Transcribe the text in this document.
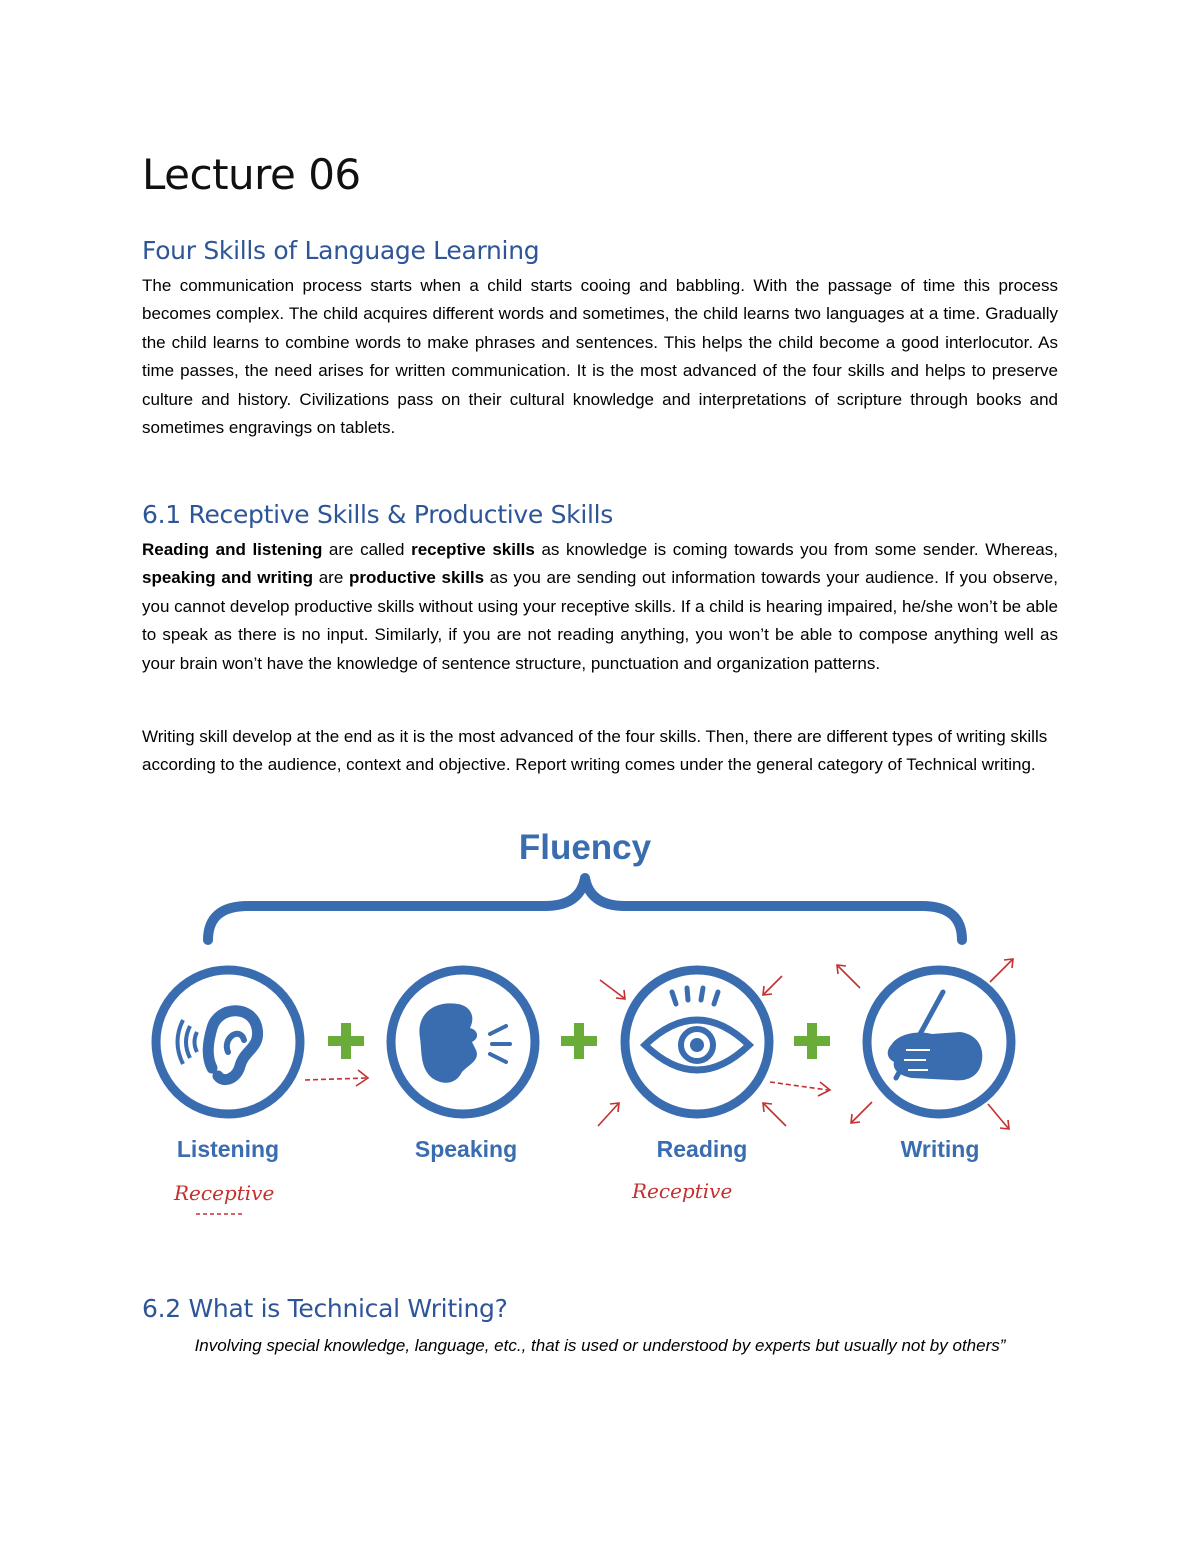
Lecture 06
Four Skills of Language Learning

The communication process starts when a child starts cooing and babbling. With the passage of time this process becomes complex. The child acquires different words and sometimes, the child learns two languages at a time. Gradually the child learns to combine words to make phrases and sentences. This helps the child become a good interlocutor. As time passes, the need arises for written communication. It is the most advanced of the four skills and helps to preserve culture and history. Civilizations pass on their cultural knowledge and interpretations of scripture through books and sometimes engravings on tablets.

6.1 Receptive Skills & Productive Skills

Reading and listening are called receptive skills as knowledge is coming towards you from some sender. Whereas, speaking and writing are productive skills as you are sending out information towards your audience. If you observe, you cannot develop productive skills without using your receptive skills. If a child is hearing impaired, he/she won’t be able to speak as there is no input. Similarly, if you are not reading anything, you won’t be able to compose anything well as your brain won’t have the knowledge of sentence structure, punctuation and organization patterns.

Writing skill develop at the end as it is the most advanced of the four skills. Then, there are different types of writing skills according to the audience, context and objective. Report writing comes under the general category of Technical writing.

Fluency
Listening	Speaking	Reading	Writing
Receptive	Receptive
6.2 What is Technical Writing?

Involving special knowledge, language, etc., that is used or understood by experts but usually not by others”
